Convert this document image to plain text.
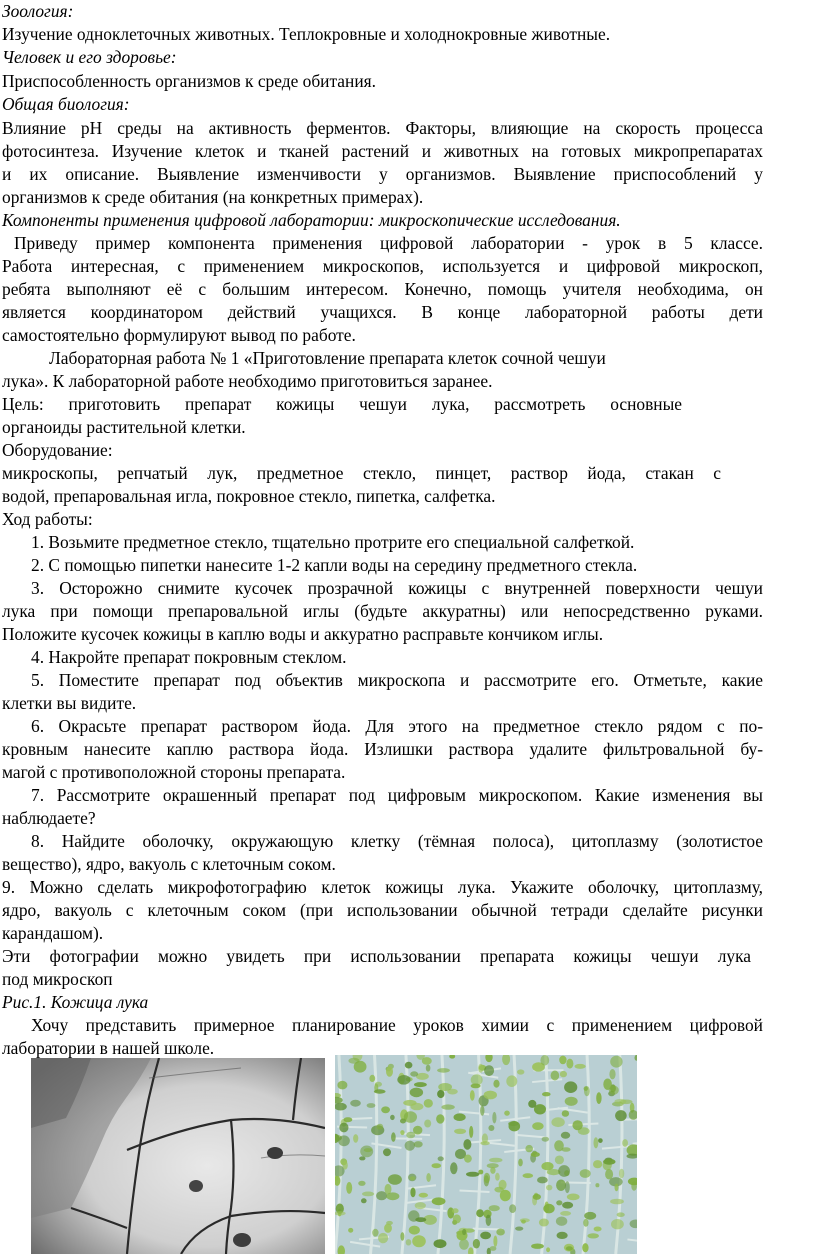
Зоология:
Изучение одноклеточных животных. Теплокровные и холоднокровные животные.
Человек и его здоровье:
Приспособленность организмов к среде обитания.
Общая биология:
Влияние рН среды на активность ферментов. Факторы, влияющие на скорость процесса
фотосинтеза. Изучение клеток и тканей растений и животных на готовых микропрепаратах
и их описание. Выявление изменчивости у организмов. Выявление приспособлений у
организмов к среде обитания (на конкретных примерах).
Компоненты применения цифровой лаборатории: микроскопические исследования.
Приведу пример компонента применения цифровой лаборатории - урок в 5 классе.
Работа интересная, с применением микроскопов, используется и цифровой микроскоп,
ребята выполняют её с большим интересом. Конечно, помощь учителя необходима, он
является координатором действий учащихся. В конце лабораторной работы дети
самостоятельно формулируют вывод по работе.
Лабораторная работа № 1 «Приготовление препарата клеток сочной чешуи
лука». К лабораторной работе необходимо приготовиться заранее.
Цель: приготовить препарат кожицы чешуи лука, рассмотреть основные
органоиды растительной клетки.
Оборудование:
микроскопы, репчатый лук, предметное стекло, пинцет, раствор йода, стакан с
водой, препаровальная игла, покровное стекло, пипетка, салфетка.
Ход работы:
1. Возьмите предметное стекло, тщательно протрите его специальной салфеткой.
2. С помощью пипетки нанесите 1-2 капли воды на середину предметного стекла.
3. Осторожно снимите кусочек прозрачной кожицы с внутренней поверхности чешуи
лука при помощи препаровальной иглы (будьте аккуратны) или непосредственно руками.
Положите кусочек кожицы в каплю воды и аккуратно расправьте кончиком иглы.
4. Накройте препарат покровным стеклом.
5. Поместите препарат под объектив микроскопа и рассмотрите его. Отметьте, какие
клетки вы видите.
6. Окрасьте препарат раствором йода. Для этого на предметное стекло рядом с по-
кровным нанесите каплю раствора йода. Излишки раствора удалите фильтровальной бу-
магой с противоположной стороны препарата.
7. Рассмотрите окрашенный препарат под цифровым микроскопом. Какие изменения вы
наблюдаете?
8. Найдите оболочку, окружающую клетку (тёмная полоса), цитоплазму (золотистое
вещество), ядро, вакуоль с клеточным соком.
9. Можно сделать микрофотографию клеток кожицы лука. Укажите оболочку, цитоплазму,
ядро, вакуоль с клеточным соком (при использовании обычной тетради сделайте рисунки
карандашом).
Эти фотографии можно увидеть при использовании препарата кожицы чешуи лука
под микроскоп
Рис.1. Кожица лука
Хочу представить примерное планирование уроков химии с применением цифровой
лаборатории в нашей школе.
